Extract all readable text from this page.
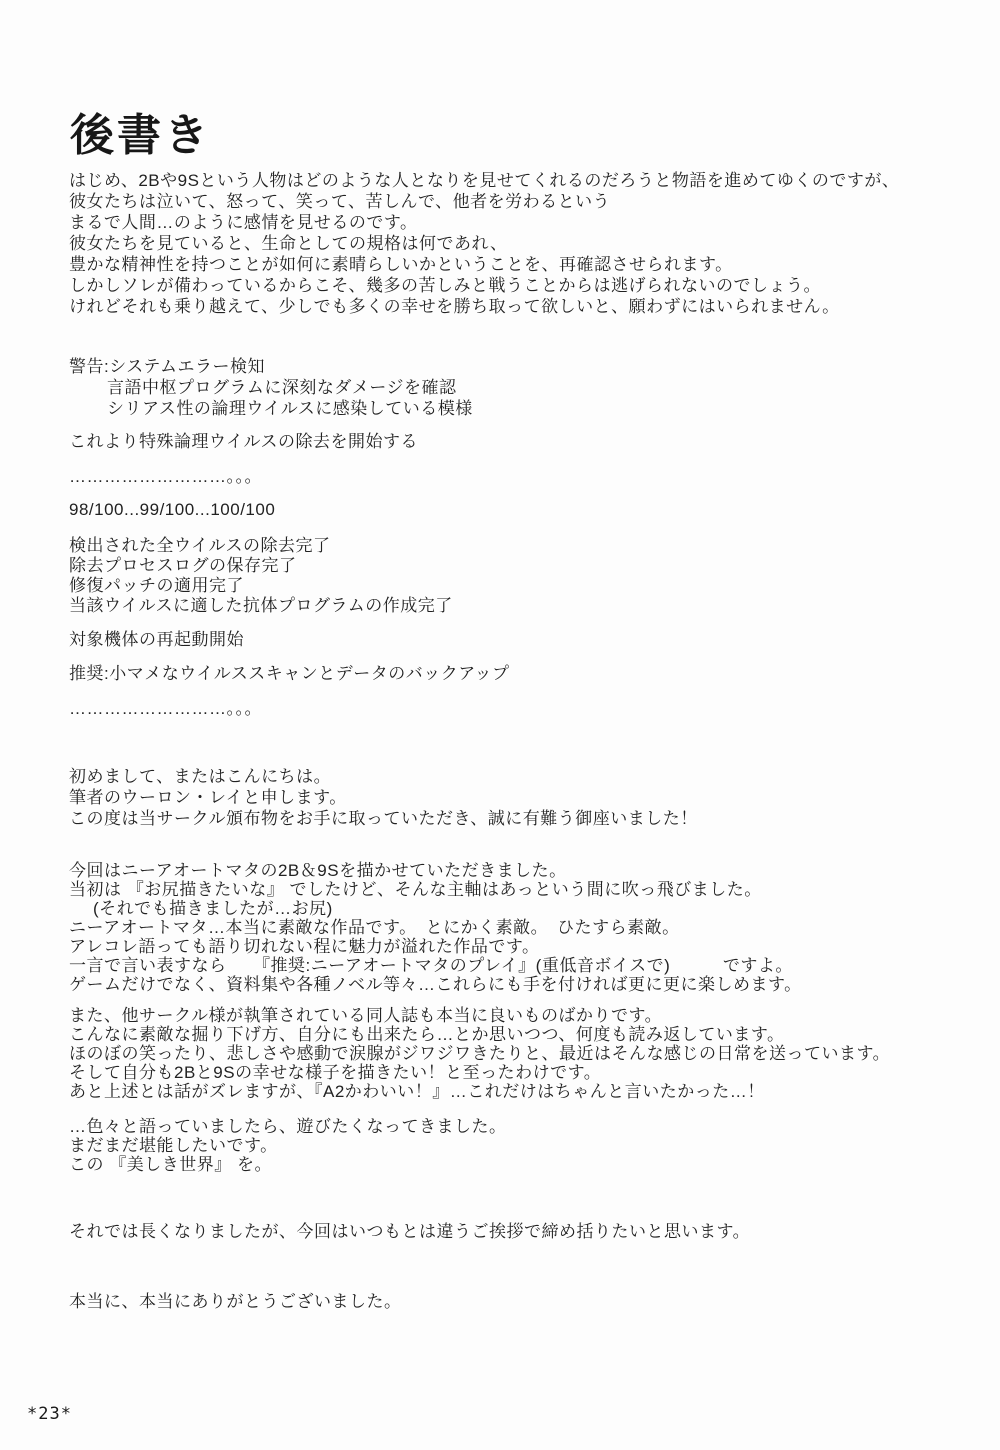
後書き
はじめ、2Bや9Sという人物はどのような人となりを見せてくれるのだろうと物語を進めてゆくのですが、
彼女たちは泣いて、怒って、笑って、苦しんで、他者を労わるという
まるで人間…のように感情を見せるのです。
彼女たちを見ていると、生命としての規格は何であれ、
豊かな精神性を持つことが如何に素晴らしいかということを、再確認させられます。
しかしソレが備わっているからこそ、幾多の苦しみと戦うことからは逃げられないのでしょう。
けれどそれも乗り越えて、少しでも多くの幸せを勝ち取って欲しいと、願わずにはいられません。
警告:システムエラー検知
言語中枢プログラムに深刻なダメージを確認
シリアス性の論理ウイルスに感染している模様
これより特殊論理ウイルスの除去を開始する
………………………。。。
98/100...99/100...100/100
検出された全ウイルスの除去完了
除去プロセスログの保存完了
修復パッチの適用完了
当該ウイルスに適した抗体プログラムの作成完了
対象機体の再起動開始
推奨:小マメなウイルススキャンとデータのバックアップ
………………………。。。
初めまして、またはこんにちは。
筆者のウーロン・レイと申します。
この度は当サークル頒布物をお手に取っていただき、誠に有難う御座いました！
今回はニーアオートマタの2B＆9Sを描かせていただきました。
当初は 『お尻描きたいな』 でしたけど、そんな主軸はあっという間に吹っ飛びました。
(それでも描きましたが…お尻)
ニーアオートマタ…本当に素敵な作品です。　とにかく素敵。　ひたすら素敵。
アレコレ語っても語り切れない程に魅力が溢れた作品です。
一言で言い表すなら　　『推奨:ニーアオートマタのプレイ』(重低音ボイスで)　　　ですよ。
ゲームだけでなく、資料集や各種ノベル等々…これらにも手を付ければ更に更に楽しめます。
また、他サークル様が執筆されている同人誌も本当に良いものばかりです。
こんなに素敵な掘り下げ方、自分にも出来たら…とか思いつつ、何度も読み返しています。
ほのぼの笑ったり、悲しさや感動で涙腺がジワジワきたりと、最近はそんな感じの日常を送っています。
そして自分も2Bと9Sの幸せな様子を描きたい！と至ったわけです。
あと上述とは話がズレますが、『A2かわいい！』…これだけはちゃんと言いたかった…！
…色々と語っていましたら、遊びたくなってきました。
まだまだ堪能したいです。
この 『美しき世界』 を。
それでは長くなりましたが、今回はいつもとは違うご挨拶で締め括りたいと思います。
本当に、本当にありがとうございました。
*23*
